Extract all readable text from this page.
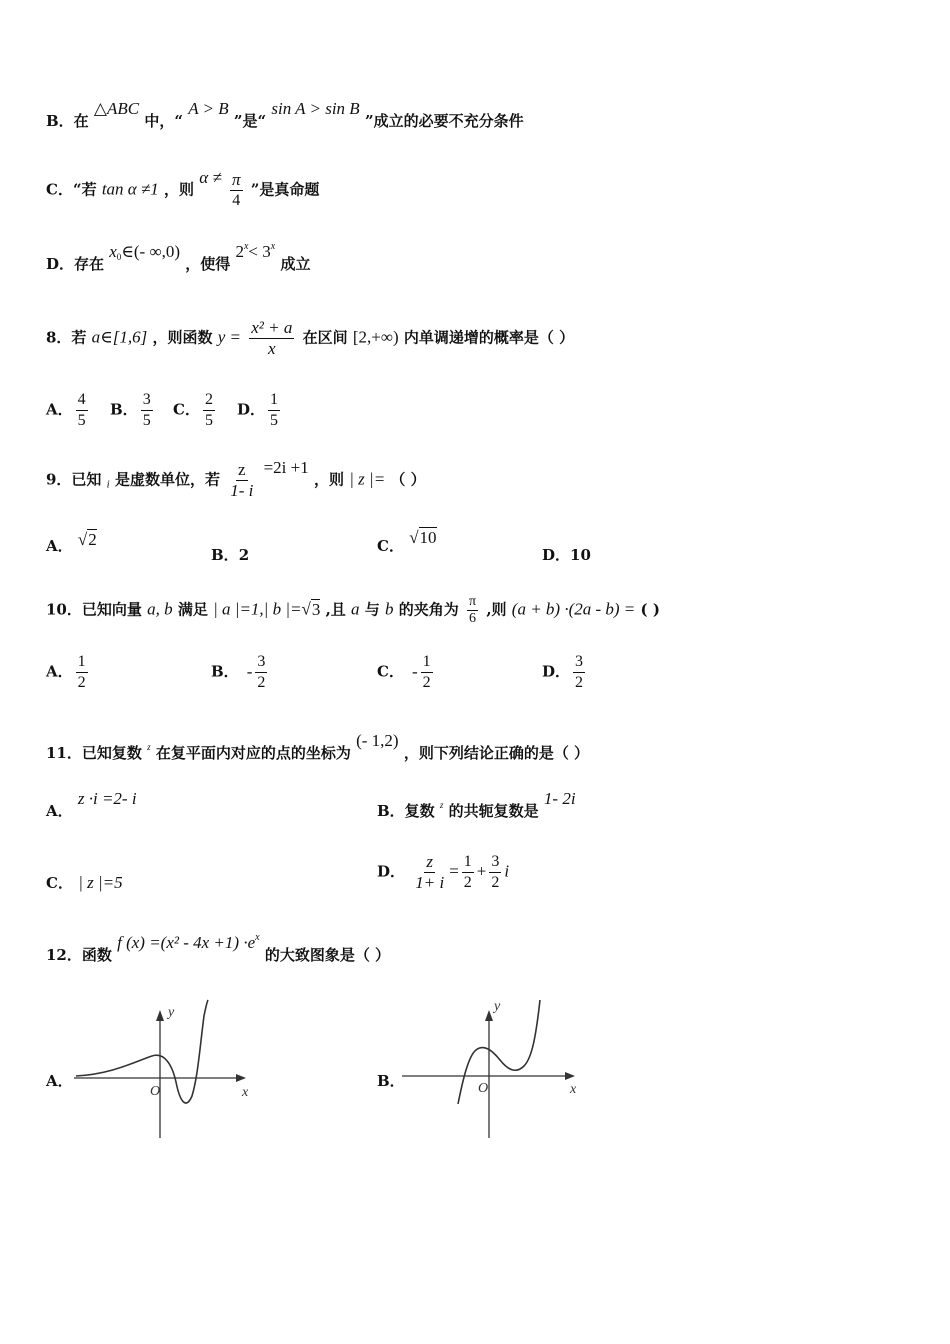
B．在 △ABC 中，“ A > B ”是“ sin A > sin B ”成立的必要不充分条件
C．“若 tan α ≠1 ，则 $\alpha \ne \frac{\pi}{4}$ ”是真命题
D．存在 $x_0\in(-$ ∞,0) ，使得 $2^x< 3^x$ 成立
8．若 a∈[1,6] ，则函数 $y = \frac{\text{x² + a}}{x}$ 在区间 [2,+∞) 内单调递增的概率是（ ）
A． $\frac{4}{5}$ B． $\frac{3}{5}$ C． $\frac{2}{5}$ D． $\frac{1}{5}$
9．已知 $_i$ 是虚数单位，若 $\frac{z}{1- i} =2i +1$ ，则 | z |= （ ）
A． √2
B．2	C． √10
D．10
10．已知向量 a, b 满足 | a |=1,| b |=√3 ,且 a 与 b 的夹角为 $\frac{\pi}{6}$ ,则 (a + b) ·(2a - b) = ( )
A． $\frac{1}{2}$	B． - $\frac{3}{2}$	C． - $\frac{1}{2}$	D． $\frac{3}{2}$
11．已知复数 $^z$ 在复平面内对应的点的坐标为 (- 1,2) ，则下列结论正确的是（ ）
A． z ·i =2- i
B．复数 $^z$ 的共轭复数是 1- 2i
C． | z |=5
D． $\frac{z}{1+ i} = \frac{1}{2} + \frac{3}{2}$ i
12．函数 f $(x) =(x^2 - 4x +1) \cdot e^x$ 的大致图象是（ ）
A．
O	x
y
B．	O	x
y
